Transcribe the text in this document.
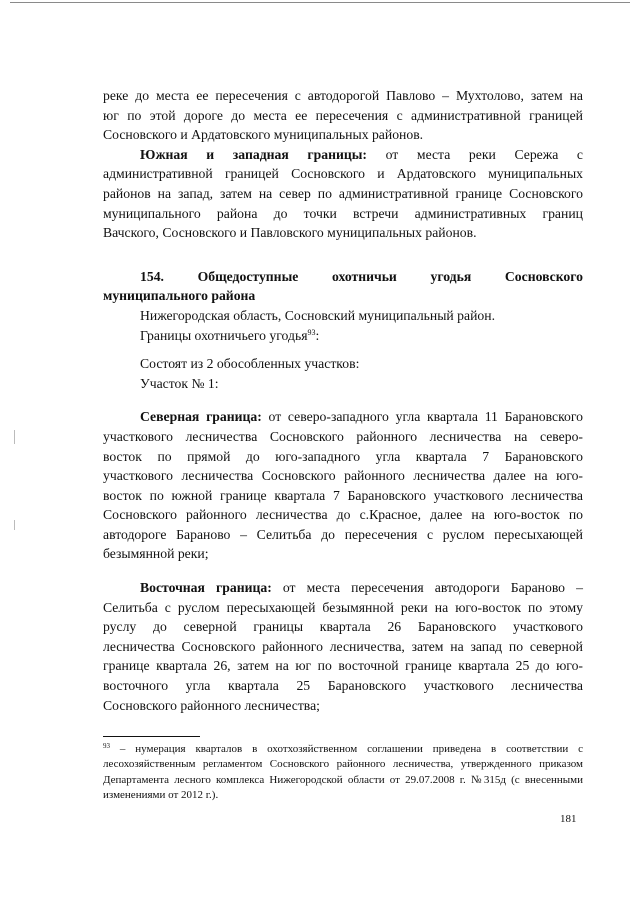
реке до места ее пересечения с автодорогой Павлово – Мухтолово, затем на

юг по этой дороге до места ее пересечения с административной границей

Сосновского и Ардатовского муниципальных районов.

Южная и западная границы: от места реки Сережа с

административной границей Сосновского и Ардатовского муниципальных

районов на запад, затем на север по административной границе Сосновского

муниципального района до точки встречи административных границ

Вачского, Сосновского и Павловского муниципальных районов.

154. Общедоступные охотничьи угодья Сосновского

муниципального района

Нижегородская область, Сосновский муниципальный район.

Границы охотничьего угодья$^{93}$:

Состоят из 2 обособленных участков:

Участок № 1:

Северная граница: от северо-западного угла квартала 11 Барановского

участкового лесничества Сосновского районного лесничества на северо-

восток по прямой до юго-западного угла квартала 7 Барановского

участкового лесничества Сосновского районного лесничества далее на юго-

восток по южной границе квартала 7 Барановского участкового лесничества

Сосновского районного лесничества до с.Красное, далее на юго-восток по

автодороге Бараново – Селитьба до пересечения с руслом пересыхающей

безымянной реки;

Восточная граница: от места пересечения автодороги Бараново –

Селитьба с руслом пересыхающей безымянной реки на юго-восток по этому

руслу до северной границы квартала 26 Барановского участкового

лесничества Сосновского районного лесничества, затем на запад по северной

границе квартала 26, затем на юг по восточной границе квартала 25 до юго-

восточного угла квартала 25 Барановского участкового лесничества

Сосновского районного лесничества;

$^{93}$ – нумерация кварталов в охотхозяйственном соглашении приведена в соответствии с лесохозяйственным регламентом Сосновского районного лесничества, утвержденного приказом Департамента лесного комплекса Нижегородской области от 29.07.2008 г. №315д (с внесенными изменениями от 2012 г.).
181
